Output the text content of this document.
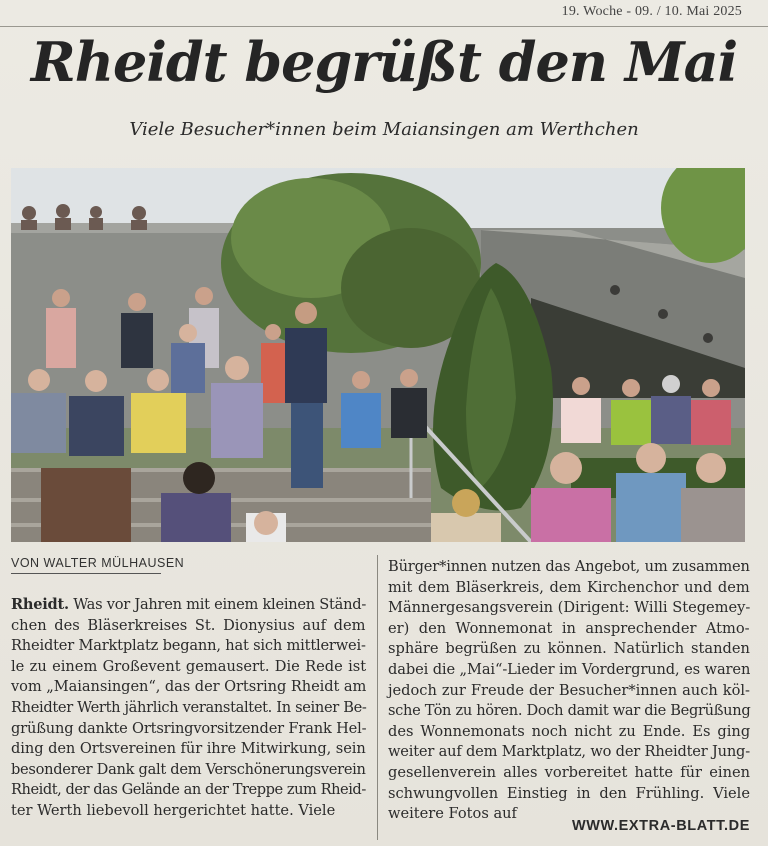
19. Woche - 09. / 10. Mai 2025
Rheidt begrüßt den Mai
Viele Besucher*innen beim Maiansingen am Werthchen
VON WALTER MÜLHAUSEN
Rheidt. Was vor Jahren mit einem kleinen Ständ-
chen des Bläserkreises St. Dionysius auf dem
Rheidter Marktplatz begann, hat sich mittlerwei-
le zu einem Großevent gemausert. Die Rede ist
vom „Maiansingen“, das der Ortsring Rheidt am
Rheidter Werth jährlich veranstaltet. In seiner Be-
grüßung dankte Ortsringvorsitzender Frank Hel-
ding den Ortsvereinen für ihre Mitwirkung, sein
besonderer Dank galt dem Verschönerungsverein
Rheidt, der das Gelände an der Treppe zum Rheid-
ter Werth liebevoll hergerichtet hatte. Viele
Bürger*innen nutzen das Angebot, um zusammen
mit dem Bläserkreis, dem Kirchenchor und dem
Männergesangsverein (Dirigent: Willi Stegemey-
er) den Wonnemonat in ansprechender Atmo-
sphäre begrüßen zu können. Natürlich standen
dabei die „Mai“-Lieder im Vordergrund, es waren
jedoch zur Freude der Besucher*innen auch köl-
sche Tön zu hören. Doch damit war die Begrüßung
des Wonnemonats noch nicht zu Ende. Es ging
weiter auf dem Marktplatz, wo der Rheidter Jung-
gesellenverein alles vorbereitet hatte für einen
schwungvollen Einstieg in den Frühling. Viele
weitere Fotos auf
WWW.EXTRA-BLATT.DE
